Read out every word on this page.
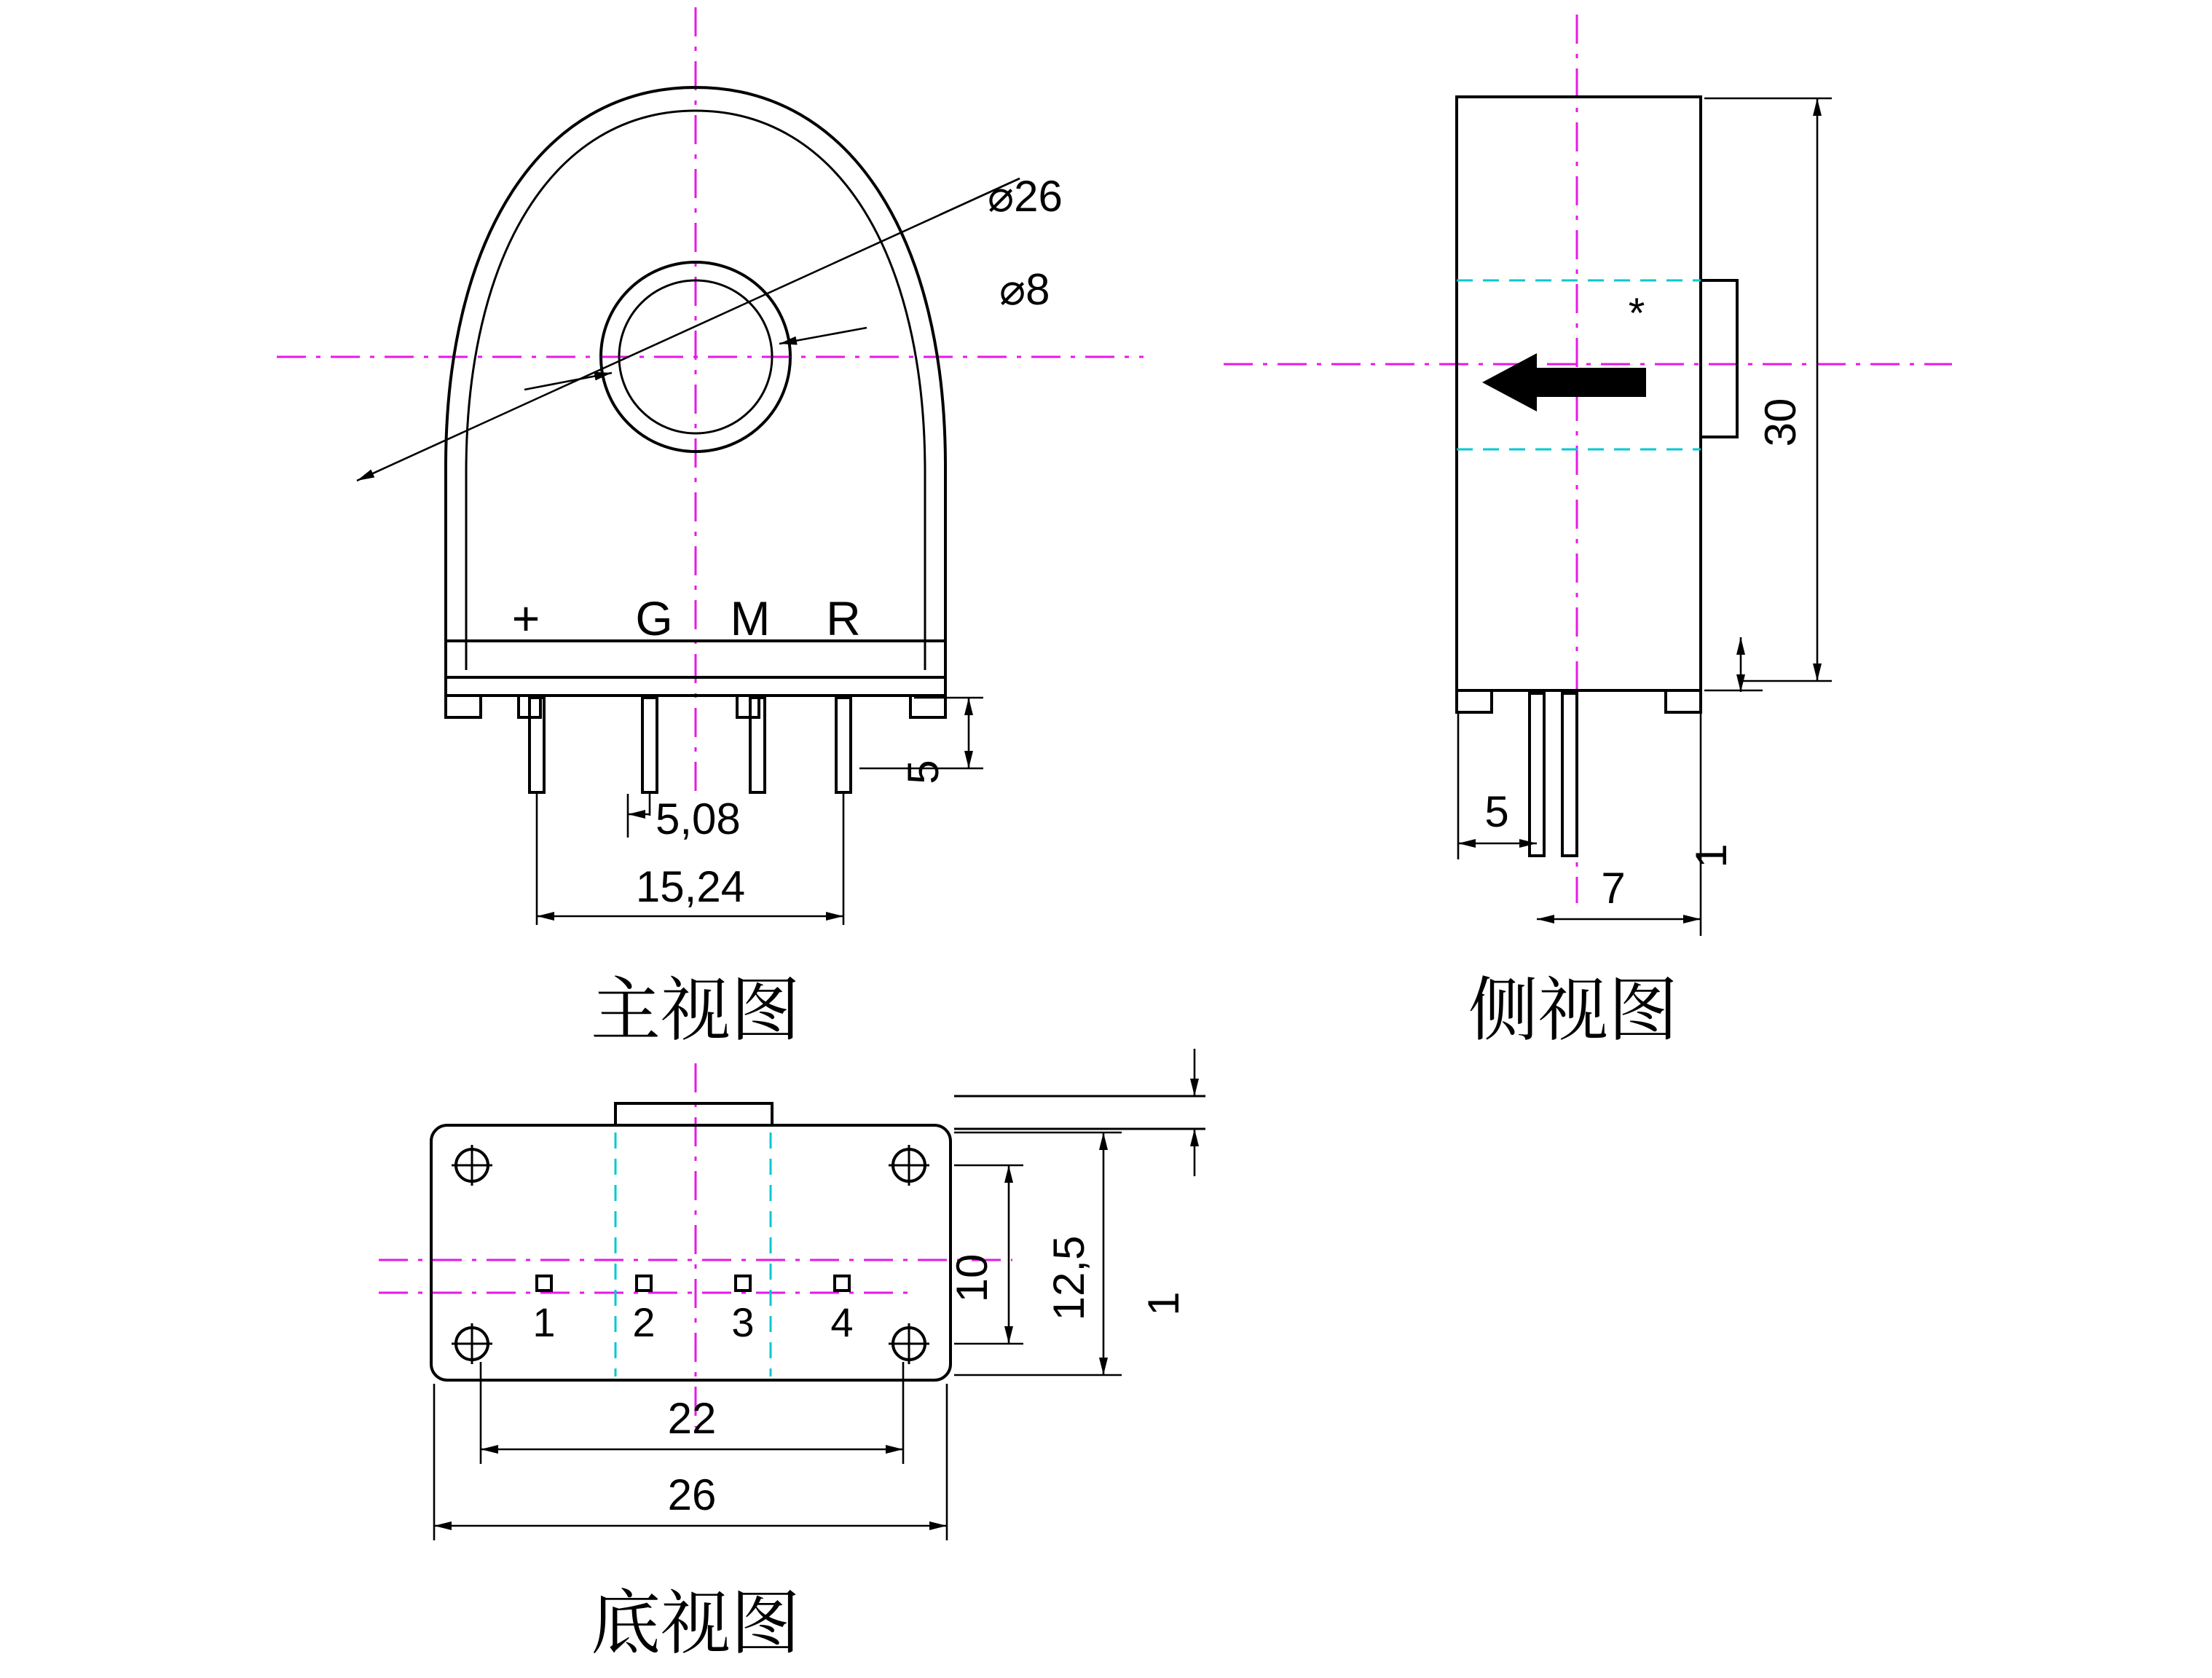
⌀26
⌀8
+ G M R
5
5,08
15,24
主视图
*
30
1
5
7
侧视图
1 2 3 4
10 12,5 1
22
26
底视图
